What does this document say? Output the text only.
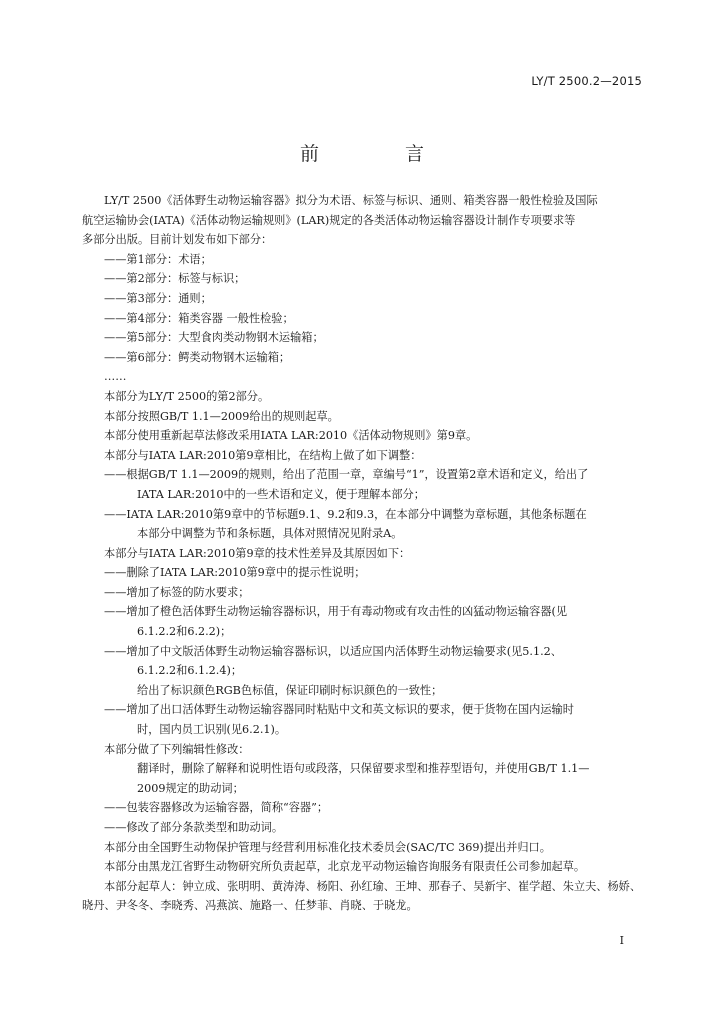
LY/T 2500.2—2015
前 言
LY/T 2500《活体野生动物运输容器》拟分为术语、标签与标识、通则、箱类容器一般性检验及国际
航空运输协会(IATA)《活体动物运输规则》(LAR)规定的各类活体动物运输容器设计制作专项要求等
多部分出版。目前计划发布如下部分：
——第1部分：术语；
——第2部分：标签与标识；
——第3部分：通则；
——第4部分：箱类容器 一般性检验；
——第5部分：大型食肉类动物钢木运输箱；
——第6部分：鳄类动物钢木运输箱；
……
本部分为LY/T 2500的第2部分。
本部分按照GB/T 1.1—2009给出的规则起草。
本部分使用重新起草法修改采用IATA LAR:2010《活体动物规则》第9章。
本部分与IATA LAR:2010第9章相比，在结构上做了如下调整：
——根据GB/T 1.1—2009的规则，给出了范围一章，章编号“1”，设置第2章术语和定义，给出了
IATA LAR:2010中的一些术语和定义，便于理解本部分；
——IATA LAR:2010第9章中的节标题9.1、9.2和9.3，在本部分中调整为章标题，其他条标题在
本部分中调整为节和条标题，具体对照情况见附录A。
本部分与IATA LAR:2010第9章的技术性差异及其原因如下：
——删除了IATA LAR:2010第9章中的提示性说明；
——增加了标签的防水要求；
——增加了橙色活体野生动物运输容器标识，用于有毒动物或有攻击性的凶猛动物运输容器(见
6.1.2.2和6.2.2)；
——增加了中文版活体野生动物运输容器标识，以适应国内活体野生动物运输要求(见5.1.2、
6.1.2.2和6.1.2.4)；
给出了标识颜色RGB色标值，保证印刷时标识颜色的一致性；
——增加了出口活体野生动物运输容器同时粘贴中文和英文标识的要求，便于货物在国内运输时
时，国内员工识别(见6.2.1)。
本部分做了下列编辑性修改：
翻译时，删除了解释和说明性语句或段落，只保留要求型和推荐型语句，并使用GB/T 1.1—
2009规定的助动词；
——包装容器修改为运输容器，简称“容器”；
——修改了部分条款类型和助动词。
本部分由全国野生动物保护管理与经营利用标准化技术委员会(SAC/TC 369)提出并归口。
本部分由黑龙江省野生动物研究所负责起草，北京龙平动物运输咨询服务有限责任公司参加起草。
本部分起草人：钟立成、张明明、黄涛涛、杨阳、孙红瑜、王坤、那春子、吴新宇、崔学超、朱立夫、杨娇、
晓丹、尹冬冬、李晓秀、冯燕滨、施路一、任梦菲、肖晓、于晓龙。
I
